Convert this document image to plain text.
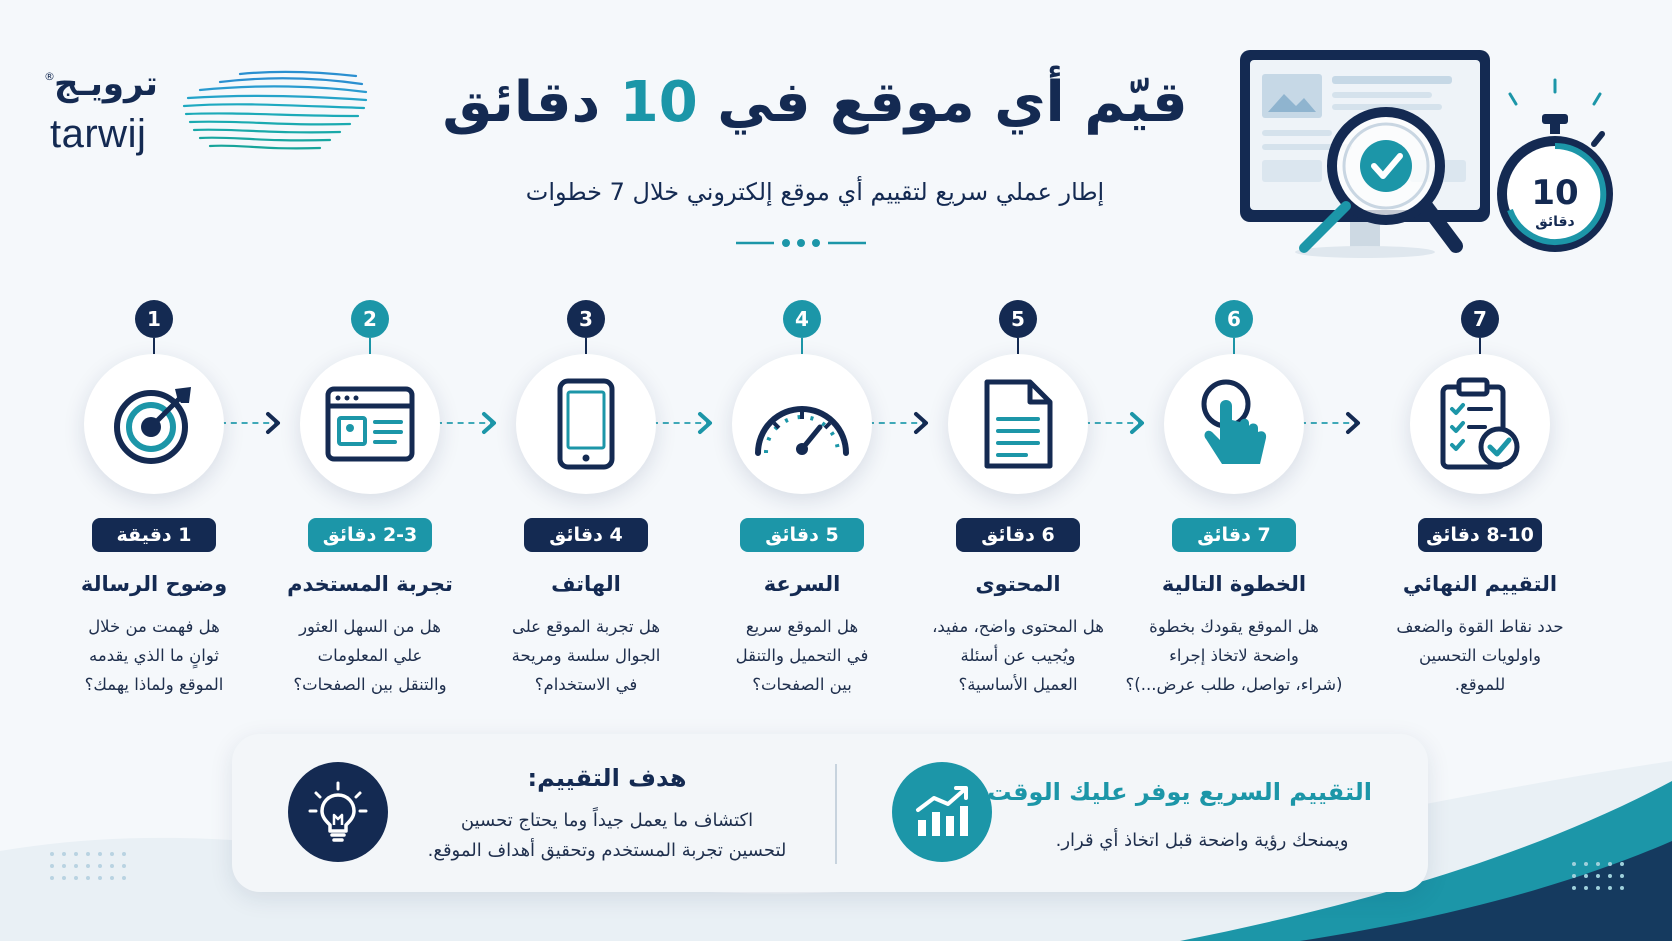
® ترويـج
tarwij	قيّم أي موقع في 10 دقائق
إطار عملي سريع لتقييم أي موقع إلكتروني خلال 7 خطوات	10
دقائق
1
1 دقيقة
وضوح الرسالة
هل فهمت من خلال
ثوانٍ ما الذي يقدمه
الموقع ولماذا يهمك؟
2
2-3 دقائق
تجربة المستخدم
هل من السهل العثور
علي المعلومات
والتنقل بين الصفحات؟
3
4 دقائق
الهاتف
هل تجربة الموقع على
الجوال سلسة ومريحة
في الاستخدام؟
4
5 دقائق
السرعة
هل الموقع سريع
في التحميل والتنقل
بين الصفحات؟
5
6 دقائق
المحتوى
هل المحتوى واضح، مفيد،
ويُجيب عن أسئلة
العميل الأساسية؟
6
7 دقائق
الخطوة التالية
هل الموقع يقودك بخطوة
واضحة لاتخاذ إجراء
(شراء، تواصل، طلب عرض...)؟
7
8-10 دقائق
التقييم النهائي
حدد نقاط القوة والضعف
واولويات التحسين
للموقع.
التقييم السريع يوفر عليك الوقت
ويمنحك رؤية واضحة قبل اتخاذ أي قرار.
هدف التقييم:
اكتشاف ما يعمل جيداً وما يحتاج تحسين
لتحسين تجربة المستخدم وتحقيق أهداف الموقع.
